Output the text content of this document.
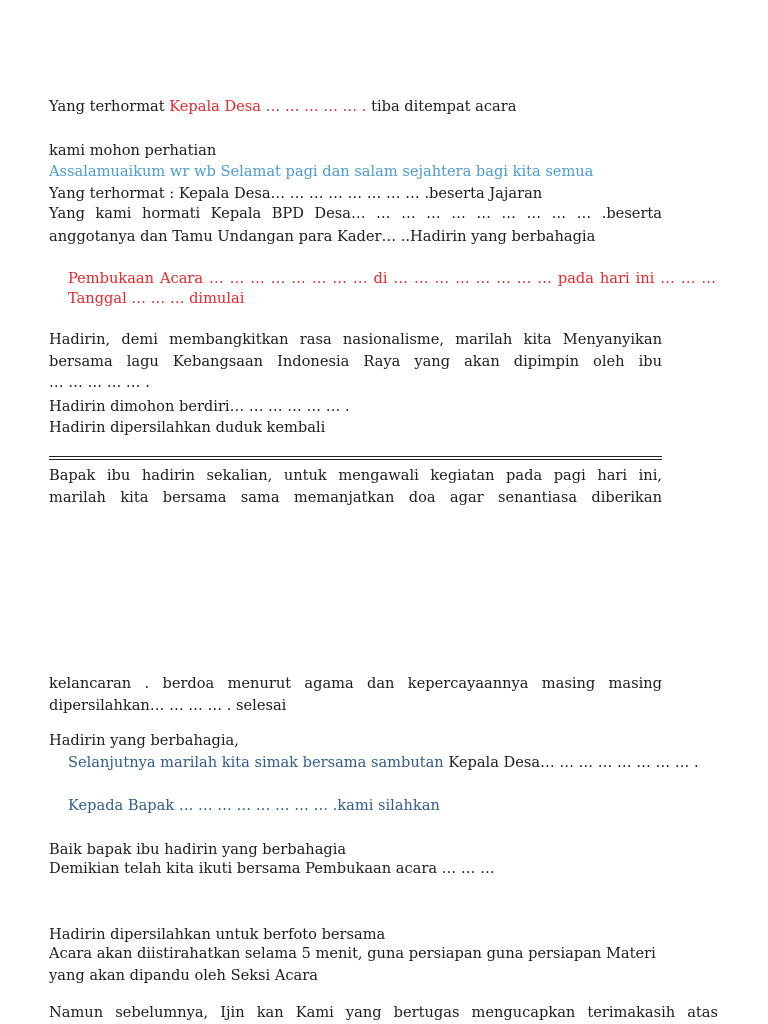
Yang terhormat Kepala Desa … … … … … . tiba ditempat acara
kami mohon perhatian
Assalamuaikum wr wb Selamat pagi dan salam sejahtera bagi kita semua
Yang terhormat : Kepala Desa… … … … … … … … .beserta Jajaran
Yang kami hormati Kepala BPD Desa… … … … … … … … … … .beserta
anggotanya dan Tamu Undangan para Kader… ..Hadirin yang berbahagia
Pembukaan Acara … … … … … … … … di … … … … … … … … pada hari ini … … …
Tanggal … … … dimulai
Hadirin, demi membangkitkan rasa nasionalisme, marilah kita Menyanyikan
bersama lagu Kebangsaan Indonesia Raya yang akan dipimpin oleh ibu
… … … … … .
Hadirin dimohon berdiri… … … … … … .
Hadirin dipersilahkan duduk kembali
Bapak ibu hadirin sekalian, untuk mengawali kegiatan pada pagi hari ini,
marilah kita bersama sama memanjatkan doa agar senantiasa diberikan
kelancaran . berdoa menurut agama dan kepercayaannya masing masing
dipersilahkan… … … … . selesai
Hadirin yang berbahagia,
Selanjutnya marilah kita simak bersama sambutan Kepala Desa… … … … … … … … .
Kepada Bapak … … … … … … … … .kami silahkan
Baik bapak ibu hadirin yang berbahagia
Demikian telah kita ikuti bersama Pembukaan acara … … …
Hadirin dipersilahkan untuk berfoto bersama
Acara akan diistirahatkan selama 5 menit, guna persiapan guna persiapan Materi
yang akan dipandu oleh Seksi Acara
Namun sebelumnya, Ijin kan Kami yang bertugas mengucapkan terimakasih atas
